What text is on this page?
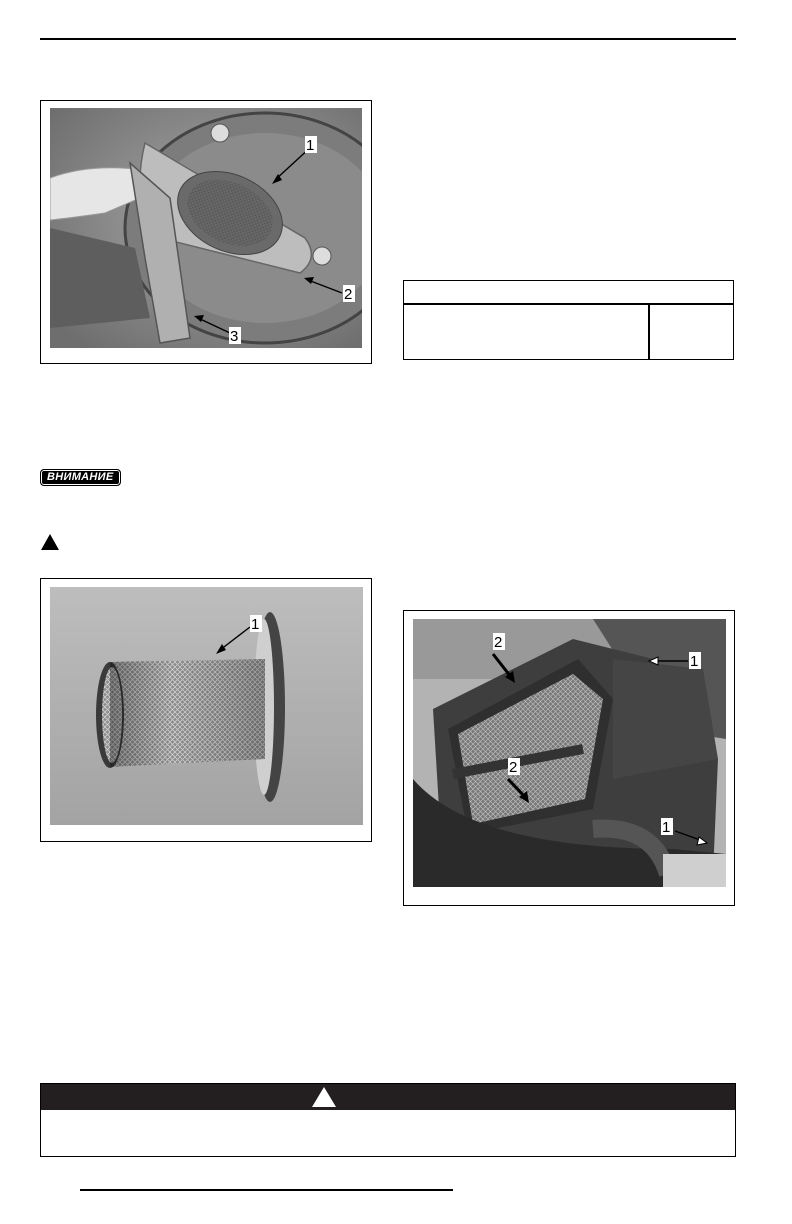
1
2
3
ВНИМАНИЕ
1
1
2
2
1
